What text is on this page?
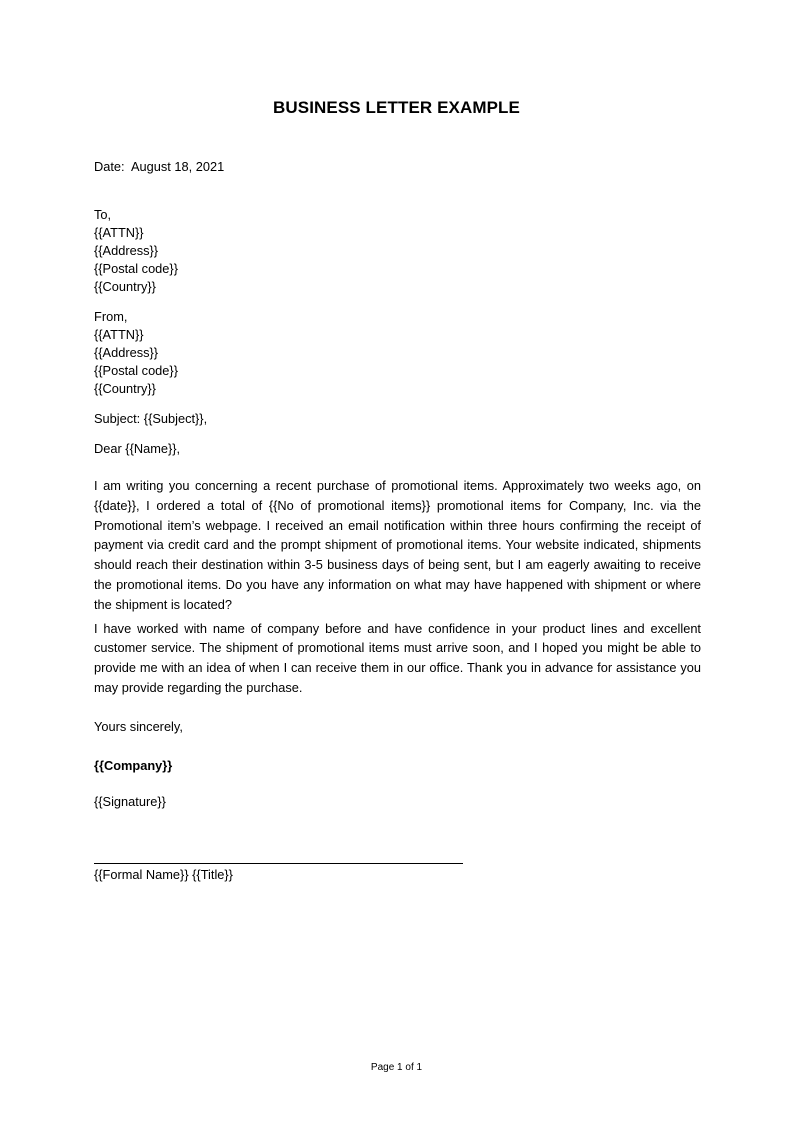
BUSINESS LETTER EXAMPLE
Date:  August 18, 2021
To,
{{ATTN}}
{{Address}}
{{Postal code}}
{{Country}}
From,
{{ATTN}}
{{Address}}
{{Postal code}}
{{Country}}
Subject: {{Subject}},
Dear {{Name}},

I am writing you concerning a recent purchase of promotional items. Approximately two weeks ago, on {{date}}, I ordered a total of {{No of promotional items}} promotional items for Company, Inc. via the Promotional item’s webpage. I received an email notification within three hours confirming the receipt of payment via credit card and the prompt shipment of promotional items. Your website indicated, shipments should reach their destination within 3-5 business days of being sent, but I am eagerly awaiting to receive the promotional items. Do you have any information on what may have happened with shipment or where the shipment is located?

I have worked with name of company before and have confidence in your product lines and excellent customer service. The shipment of promotional items must arrive soon, and I hoped you might be able to provide me with an idea of when I can receive them in our office. Thank you in advance for assistance you may provide regarding the purchase.

Yours sincerely,
{{Company}}
{{Signature}}
{{Formal Name}} {{Title}}
Page 1 of 1
